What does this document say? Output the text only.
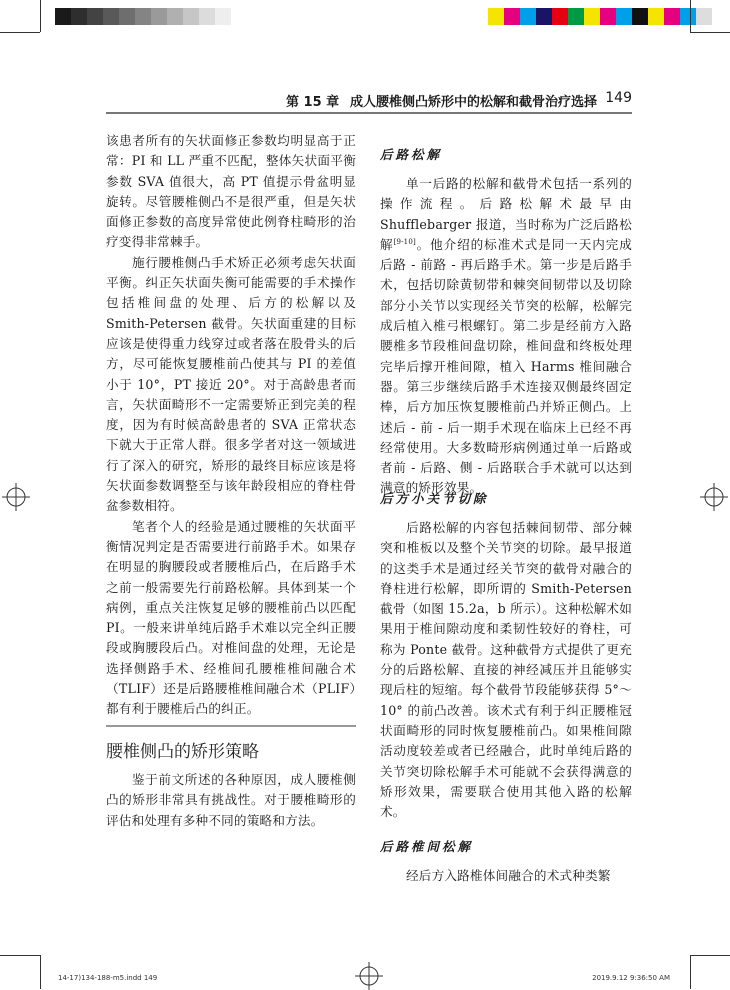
第 15 章 成人腰椎侧凸矫形中的松解和截骨治疗选择 149

该患者所有的矢状面修正参数均明显高于正常：PI 和 LL 严重不匹配，整体矢状面平衡参数 SVA 值很大，高 PT 值提示骨盆明显旋转。尽管腰椎侧凸不是很严重，但是矢状面修正参数的高度异常使此例脊柱畸形的治疗变得非常棘手。

施行腰椎侧凸手术矫正必须考虑矢状面平衡。纠正矢状面失衡可能需要的手术操作包括椎间盘的处理、后方的松解以及 Smith-Petersen 截骨。矢状面重建的目标应该是使得重力线穿过或者落在股骨头的后方，尽可能恢复腰椎前凸使其与 PI 的差值小于 10°，PT 接近 20°。对于高龄患者而言，矢状面畸形不一定需要矫正到完美的程度，因为有时候高龄患者的 SVA 正常状态下就大于正常人群。很多学者对这一领域进行了深入的研究，矫形的最终目标应该是将矢状面参数调整至与该年龄段相应的脊柱骨盆参数相符。

笔者个人的经验是通过腰椎的矢状面平衡情况判定是否需要进行前路手术。如果存在明显的胸腰段或者腰椎后凸，在后路手术之前一般需要先行前路松解。具体到某一个病例，重点关注恢复足够的腰椎前凸以匹配 PI。一般来讲单纯后路手术难以完全纠正腰段或胸腰段后凸。对椎间盘的处理，无论是选择侧路手术、经椎间孔腰椎椎间融合术（TLIF）还是后路腰椎椎间融合术（PLIF）都有利于腰椎后凸的纠正。

腰椎侧凸的矫形策略

鉴于前文所述的各种原因，成人腰椎侧凸的矫形非常具有挑战性。对于腰椎畸形的评估和处理有多种不同的策略和方法。

后路松解

单一后路的松解和截骨术包括一系列的操作流程。后路松解术最早由 Shufflebarger 报道，当时称为广泛后路松解[9-10]。他介绍的标准术式是同一天内完成后路 - 前路 - 再后路手术。第一步是后路手术，包括切除黄韧带和棘突间韧带以及切除部分小关节以实现经关节突的松解，松解完成后植入椎弓根螺钉。第二步是经前方入路腰椎多节段椎间盘切除，椎间盘和终板处理完毕后撑开椎间隙，植入 Harms 椎间融合器。第三步继续后路手术连接双侧最终固定棒，后方加压恢复腰椎前凸并矫正侧凸。上述后 - 前 - 后一期手术现在临床上已经不再经常使用。大多数畸形病例通过单一后路或者前 - 后路、侧 - 后路联合手术就可以达到满意的矫形效果。

后方小关节切除

后路松解的内容包括棘间韧带、部分棘突和椎板以及整个关节突的切除。最早报道的这类手术是通过经关节突的截骨对融合的脊柱进行松解，即所谓的 Smith-Petersen 截骨（如图 15.2a，b 所示）。这种松解术如果用于椎间隙动度和柔韧性较好的脊柱，可称为 Ponte 截骨。这种截骨方式提供了更充分的后路松解、直接的神经减压并且能够实现后柱的短缩。每个截骨节段能够获得 5°～10° 的前凸改善。该术式有利于纠正腰椎冠状面畸形的同时恢复腰椎前凸。如果椎间隙活动度较差或者已经融合，此时单纯后路的关节突切除松解手术可能就不会获得满意的矫形效果，需要联合使用其他入路的松解术。

后路椎间松解

经后方入路椎体间融合的术式种类繁

14-17)134-188-m5.indd 149	2019.9.12 9:36:50 AM
